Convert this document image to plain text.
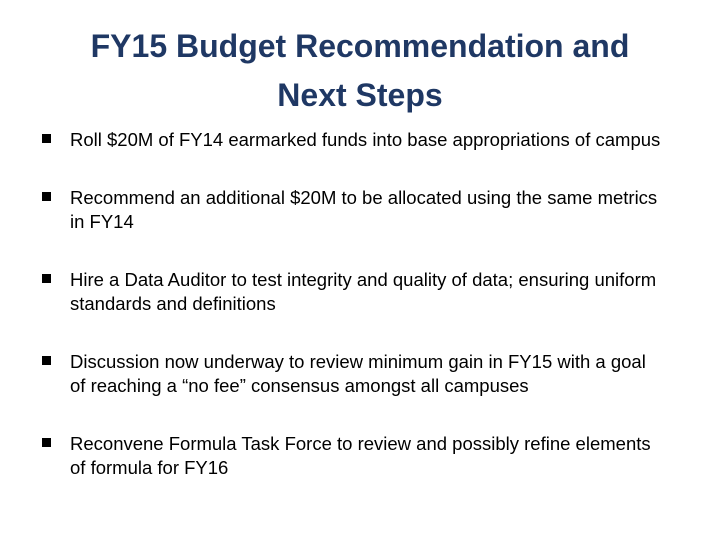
FY15 Budget Recommendation and
Next Steps
Roll $20M of FY14 earmarked funds into base appropriations of campus
Recommend an additional $20M to be allocated using the same metrics in FY14
Hire a Data Auditor to test integrity and quality of data; ensuring uniform standards and definitions
Discussion now underway to review minimum gain in FY15 with a goal of reaching a “no fee” consensus amongst all campuses
Reconvene Formula Task Force to review and possibly refine elements of formula for FY16
